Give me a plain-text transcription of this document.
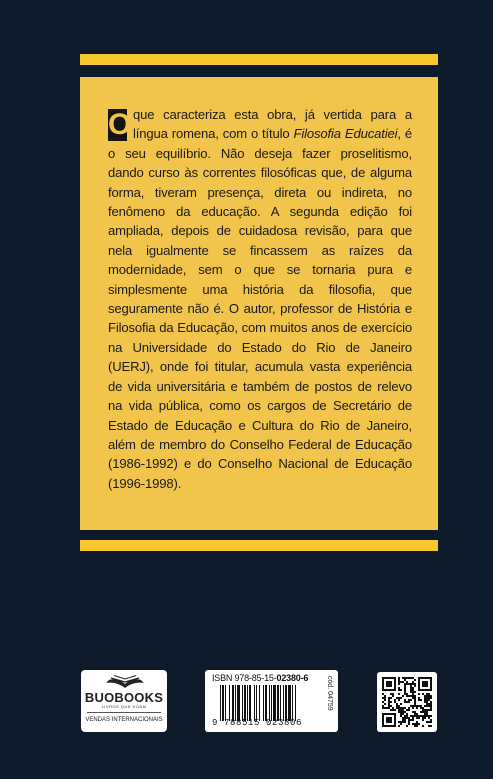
O que caracteriza esta obra, já vertida para a língua romena, com o título Filosofia Educatiei, é o seu equilíbrio. Não deseja fazer proselitismo, dando curso às correntes filosóficas que, de alguma forma, tiveram presença, direta ou indireta, no fenômeno da educação. A segunda edição foi ampliada, depois de cuidadosa revisão, para que nela igualmente se fincassem as raízes da modernidade, sem o que se tornaria pura e simplesmente uma história da filosofia, que seguramente não é. O autor, professor de História e Filosofia da Educação, com muitos anos de exercício na Universidade do Estado do Rio de Janeiro (UERJ), onde foi titular, acumula vasta experiência de vida universitária e também de postos de relevo na vida pública, como os cargos de Secretário de Estado de Educação e Cultura do Rio de Janeiro, além de membro do Conselho Federal de Educação (1986-1992) e do Conselho Nacional de Educação (1996-1998).

BUOBOOKS
LIVROS QUE VOAM
VENDAS INTERNACIONAIS
ISBN 978-85-15-02380-6
9 788515 023806
cód. 04759
